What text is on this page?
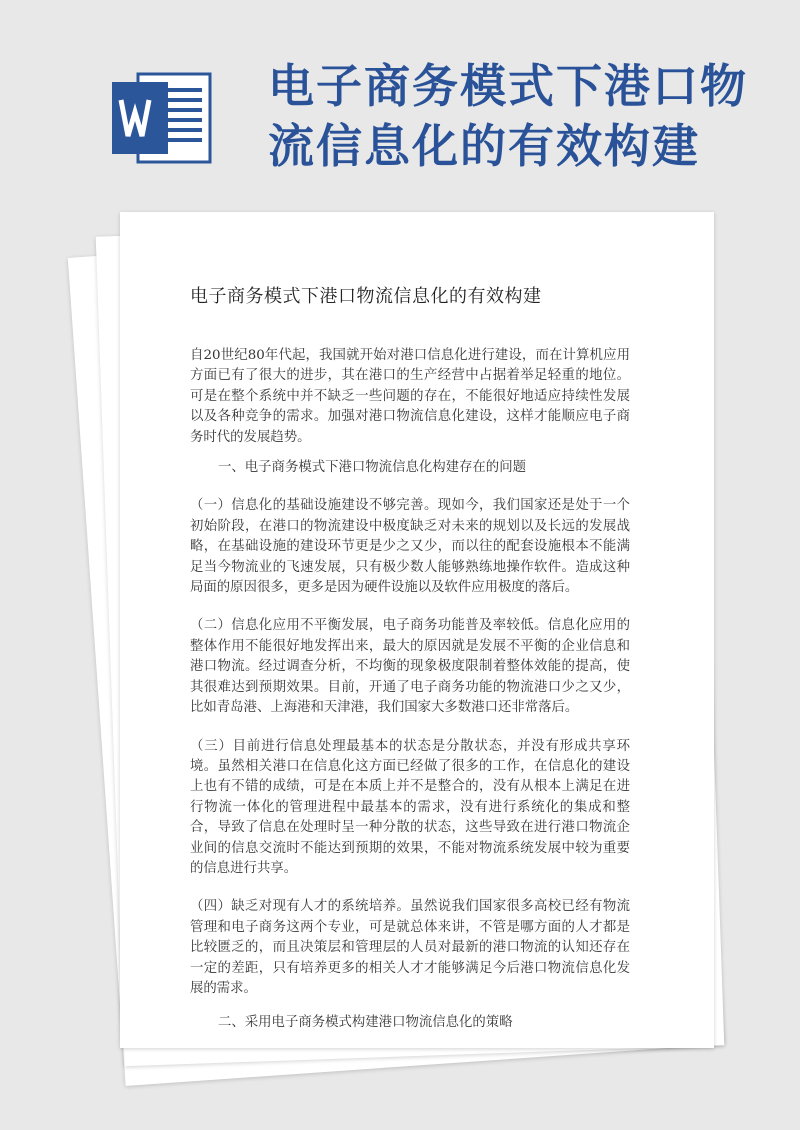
电子商务模式下港口物流信息化的有效构建
电子商务模式下港口物流信息化的有效构建

自20世纪80年代起，我国就开始对港口信息化进行建设，而在计算机应用方面已有了很大的进步，其在港口的生产经营中占据着举足轻重的地位。可是在整个系统中并不缺乏一些问题的存在，不能很好地适应持续性发展以及各种竞争的需求。加强对港口物流信息化建设，这样才能顺应电子商务时代的发展趋势。

一、电子商务模式下港口物流信息化构建存在的问题

（一）信息化的基础设施建设不够完善。现如今，我们国家还是处于一个初始阶段，在港口的物流建设中极度缺乏对未来的规划以及长远的发展战略，在基础设施的建设环节更是少之又少，而以往的配套设施根本不能满足当今物流业的飞速发展，只有极少数人能够熟练地操作软件。造成这种局面的原因很多，更多是因为硬件设施以及软件应用极度的落后。

（二）信息化应用不平衡发展，电子商务功能普及率较低。信息化应用的整体作用不能很好地发挥出来，最大的原因就是发展不平衡的企业信息和港口物流。经过调查分析，不均衡的现象极度限制着整体效能的提高，使其很难达到预期效果。目前，开通了电子商务功能的物流港口少之又少，比如青岛港、上海港和天津港，我们国家大多数港口还非常落后。

（三）目前进行信息处理最基本的状态是分散状态，并没有形成共享环境。虽然相关港口在信息化这方面已经做了很多的工作，在信息化的建设上也有不错的成绩，可是在本质上并不是整合的，没有从根本上满足在进行物流一体化的管理进程中最基本的需求，没有进行系统化的集成和整合，导致了信息在处理时呈一种分散的状态，这些导致在进行港口物流企业间的信息交流时不能达到预期的效果，不能对物流系统发展中较为重要的信息进行共享。

（四）缺乏对现有人才的系统培养。虽然说我们国家很多高校已经有物流管理和电子商务这两个专业，可是就总体来讲，不管是哪方面的人才都是比较匮乏的，而且决策层和管理层的人员对最新的港口物流的认知还存在一定的差距，只有培养更多的相关人才才能够满足今后港口物流信息化发展的需求。

二、采用电子商务模式构建港口物流信息化的策略
